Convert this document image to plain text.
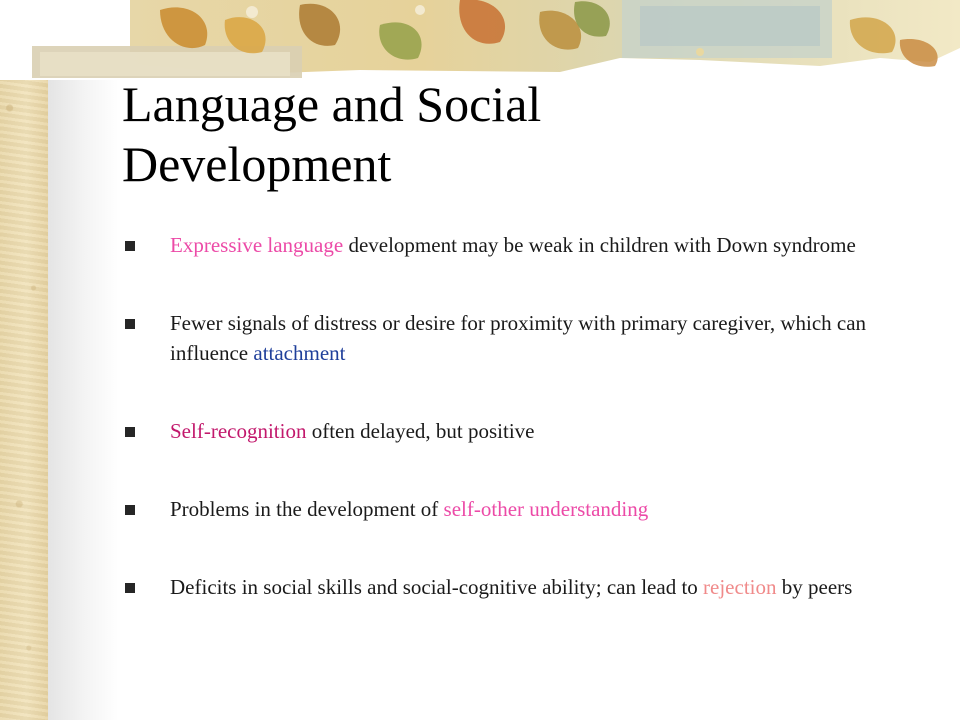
Language and Social Development
Expressive language development may be weak in children with Down syndrome
Fewer signals of distress or desire for proximity with primary caregiver, which can influence attachment
Self-recognition often delayed, but positive
Problems in the development of self-other understanding
Deficits in social skills and social-cognitive ability; can lead to rejection by peers
